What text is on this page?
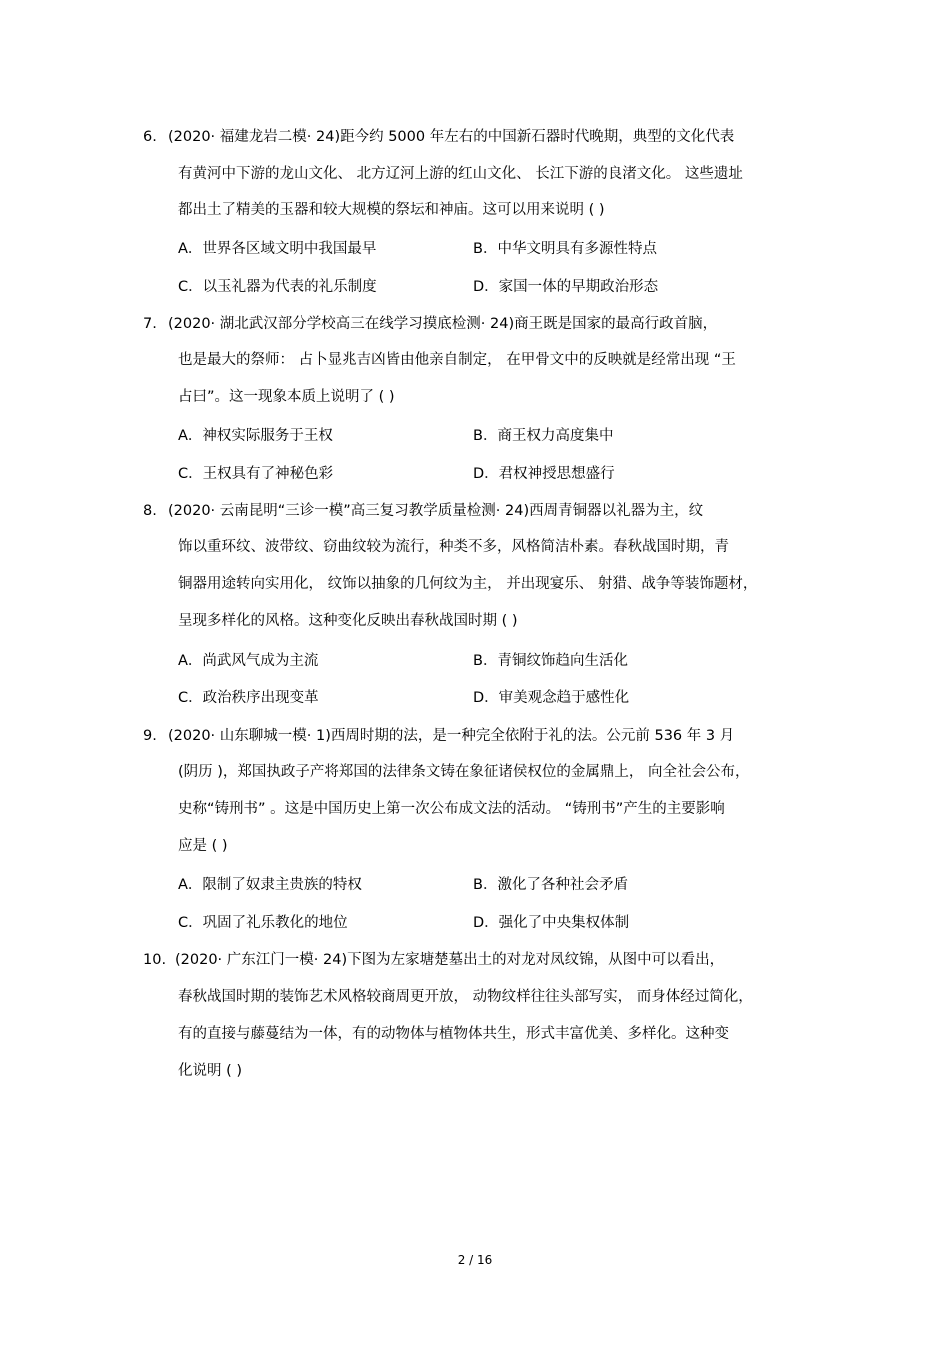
6. (2020· 福建龙岩二模· 24)距今约 5000 年左右的中国新石器时代晚期，典型的文化代表
有黄河中下游的龙山文化、 北方辽河上游的红山文化、 长江下游的良渚文化。 这些遗址
都出土了精美的玉器和较大规模的祭坛和神庙。这可以用来说明 ( )
A．世界各区域文明中我国最早	B．中华文明具有多源性特点
C．以玉礼器为代表的礼乐制度	D．家国一体的早期政治形态
7. (2020· 湖北武汉部分学校高三在线学习摸底检测· 24)商王既是国家的最高行政首脑，
也是最大的祭师： 占卜显兆吉凶皆由他亲自制定， 在甲骨文中的反映就是经常出现 “王
占曰”。这一现象本质上说明了 ( )
A．神权实际服务于王权	B．商王权力高度集中
C．王权具有了神秘色彩	D．君权神授思想盛行
8. (2020· 云南昆明“三诊一模”高三复习教学质量检测· 24)西周青铜器以礼器为主，纹
饰以重环纹、波带纹、窃曲纹较为流行，种类不多，风格简洁朴素。春秋战国时期，青
铜器用途转向实用化， 纹饰以抽象的几何纹为主， 并出现宴乐、 射猎、战争等装饰题材，
呈现多样化的风格。这种变化反映出春秋战国时期 ( )
A．尚武风气成为主流	B．青铜纹饰趋向生活化
C．政治秩序出现变革	D．审美观念趋于感性化
9. (2020· 山东聊城一模· 1)西周时期的法，是一种完全依附于礼的法。公元前 536 年 3 月
(阴历 )，郑国执政子产将郑国的法律条文铸在象征诸侯权位的金属鼎上， 向全社会公布，
史称“铸刑书” 。这是中国历史上第一次公布成文法的活动。 “铸刑书”产生的主要影响
应是 ( )
A．限制了奴隶主贵族的特权	B．激化了各种社会矛盾
C．巩固了礼乐教化的地位	D．强化了中央集权体制
10. (2020· 广东江门一模· 24)下图为左家塘楚墓出土的对龙对凤纹锦，从图中可以看出，
春秋战国时期的装饰艺术风格较商周更开放， 动物纹样往往头部写实， 而身体经过简化，
有的直接与藤蔓结为一体，有的动物体与植物体共生，形式丰富优美、多样化。这种变
化说明 ( )
2 / 16
